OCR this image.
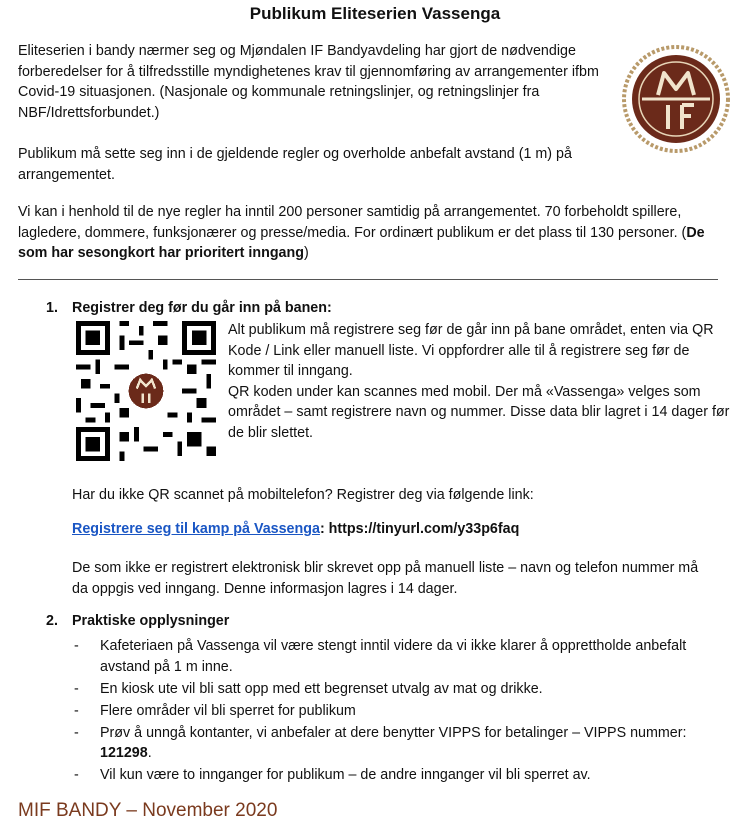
Publikum Eliteserien Vassenga
Eliteserien i bandy nærmer seg og Mjøndalen IF Bandyavdeling har gjort de nødvendige forberedelser for å tilfredsstille myndighetenes krav til gjennomføring av arrangementer ifbm Covid-19 situasjonen. (Nasjonale og kommunale retningslinjer, og retningslinjer fra NBF/Idrettsforbundet.)
MIF
Publikum må sette seg inn i de gjeldende regler og overholde anbefalt avstand (1 m) på arrangementet.
Vi kan i henhold til de nye regler ha inntil 200 personer samtidig på arrangementet. 70 forbeholdt spillere, lagledere, dommere, funksjonærer og presse/media. For ordinært publikum er det plass til 130 personer. (De som har sesongkort har prioritert inngang)
1. Registrer deg før du går inn på banen:
Alt publikum må registrere seg før de går inn på bane området, enten via QR Kode / Link eller manuell liste. Vi oppfordrer alle til å registrere seg før de kommer til inngang.
QR koden under kan scannes med mobil. Der må «Vassenga» velges som området – samt registrere navn og nummer. Disse data blir lagret i 14 dager før de blir slettet.
Har du ikke QR scannet på mobiltelefon? Registrer deg via følgende link:
Registrere seg til kamp på Vassenga: https://tinyurl.com/y33p6faq
De som ikke er registrert elektronisk blir skrevet opp på manuell liste – navn og telefon nummer må da oppgis ved inngang. Denne informasjon lagres i 14 dager.
2. Praktiske opplysninger
- Kafeteriaen på Vassenga vil være stengt inntil videre da vi ikke klarer å opprettholde anbefalt avstand på 1 m inne.
- En kiosk ute vil bli satt opp med ett begrenset utvalg av mat og drikke.
- Flere områder vil bli sperret for publikum
- Prøv å unngå kontanter, vi anbefaler at dere benytter VIPPS for betalinger – VIPPS nummer: 121298.
- Vil kun være to innganger for publikum – de andre innganger vil bli sperret av.
MIF BANDY – November 2020
